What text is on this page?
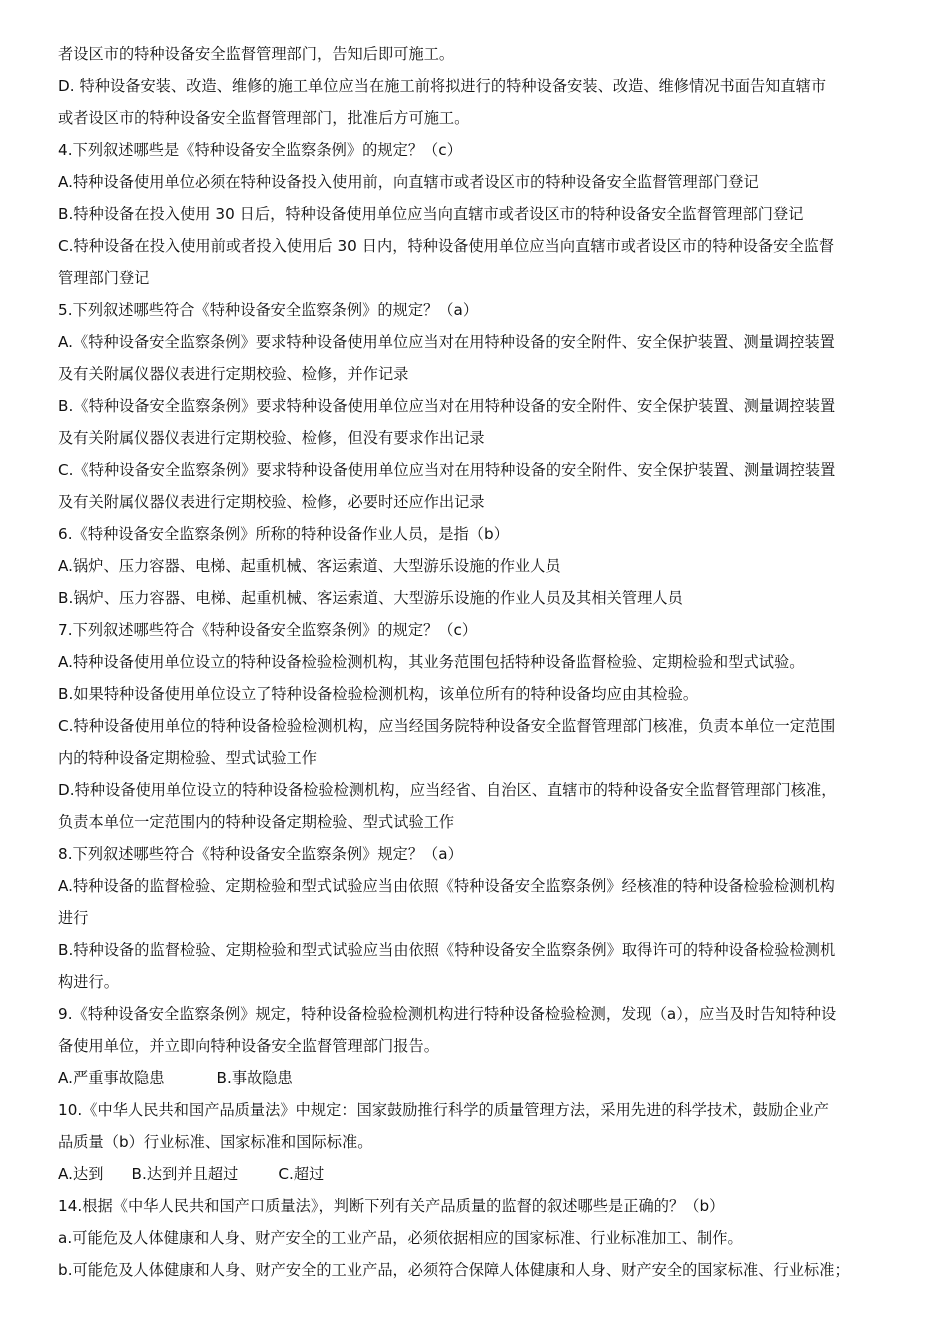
者设区市的特种设备安全监督管理部门，告知后即可施工。
D. 特种设备安装、改造、维修的施工单位应当在施工前将拟进行的特种设备安装、改造、维修情况书面告知直辖市
或者设区市的特种设备安全监督管理部门，批准后方可施工。
4.下列叙述哪些是《特种设备安全监察条例》的规定？（c）
A.特种设备使用单位必须在特种设备投入使用前，向直辖市或者设区市的特种设备安全监督管理部门登记
B.特种设备在投入使用 30 日后，特种设备使用单位应当向直辖市或者设区市的特种设备安全监督管理部门登记
C.特种设备在投入使用前或者投入使用后 30 日内，特种设备使用单位应当向直辖市或者设区市的特种设备安全监督
管理部门登记
5.下列叙述哪些符合《特种设备安全监察条例》的规定？（a）
A.《特种设备安全监察条例》要求特种设备使用单位应当对在用特种设备的安全附件、安全保护装置、测量调控装置
及有关附属仪器仪表进行定期校验、检修，并作记录
B.《特种设备安全监察条例》要求特种设备使用单位应当对在用特种设备的安全附件、安全保护装置、测量调控装置
及有关附属仪器仪表进行定期校验、检修，但没有要求作出记录
C.《特种设备安全监察条例》要求特种设备使用单位应当对在用特种设备的安全附件、安全保护装置、测量调控装置
及有关附属仪器仪表进行定期校验、检修，必要时还应作出记录
6.《特种设备安全监察条例》所称的特种设备作业人员，是指（b）
A.锅炉、压力容器、电梯、起重机械、客运索道、大型游乐设施的作业人员
B.锅炉、压力容器、电梯、起重机械、客运索道、大型游乐设施的作业人员及其相关管理人员
7.下列叙述哪些符合《特种设备安全监察条例》的规定？（c）
A.特种设备使用单位设立的特种设备检验检测机构，其业务范围包括特种设备监督检验、定期检验和型式试验。
B.如果特种设备使用单位设立了特种设备检验检测机构，该单位所有的特种设备均应由其检验。
C.特种设备使用单位的特种设备检验检测机构，应当经国务院特种设备安全监督管理部门核准，负责本单位一定范围
内的特种设备定期检验、型式试验工作
D.特种设备使用单位设立的特种设备检验检测机构，应当经省、自治区、直辖市的特种设备安全监督管理部门核准，
负责本单位一定范围内的特种设备定期检验、型式试验工作
8.下列叙述哪些符合《特种设备安全监察条例》规定？（a）
A.特种设备的监督检验、定期检验和型式试验应当由依照《特种设备安全监察条例》经核准的特种设备检验检测机构
进行
B.特种设备的监督检验、定期检验和型式试验应当由依照《特种设备安全监察条例》取得许可的特种设备检验检测机
构进行。
9.《特种设备安全监察条例》规定，特种设备检验检测机构进行特种设备检验检测，发现（a），应当及时告知特种设
备使用单位，并立即向特种设备安全监督管理部门报告。
A.严重事故隐患	B.事故隐患
10.《中华人民共和国产品质量法》中规定：国家鼓励推行科学的质量管理方法，采用先进的科学技术，鼓励企业产
品质量（b）行业标准、国家标准和国际标准。
A.达到 B.达到并且超过	C.超过
14.根据《中华人民共和国产口质量法》，判断下列有关产品质量的监督的叙述哪些是正确的？（b）
a.可能危及人体健康和人身、财产安全的工业产品，必须依据相应的国家标准、行业标准加工、制作。
b.可能危及人体健康和人身、财产安全的工业产品，必须符合保障人体健康和人身、财产安全的国家标准、行业标准；
